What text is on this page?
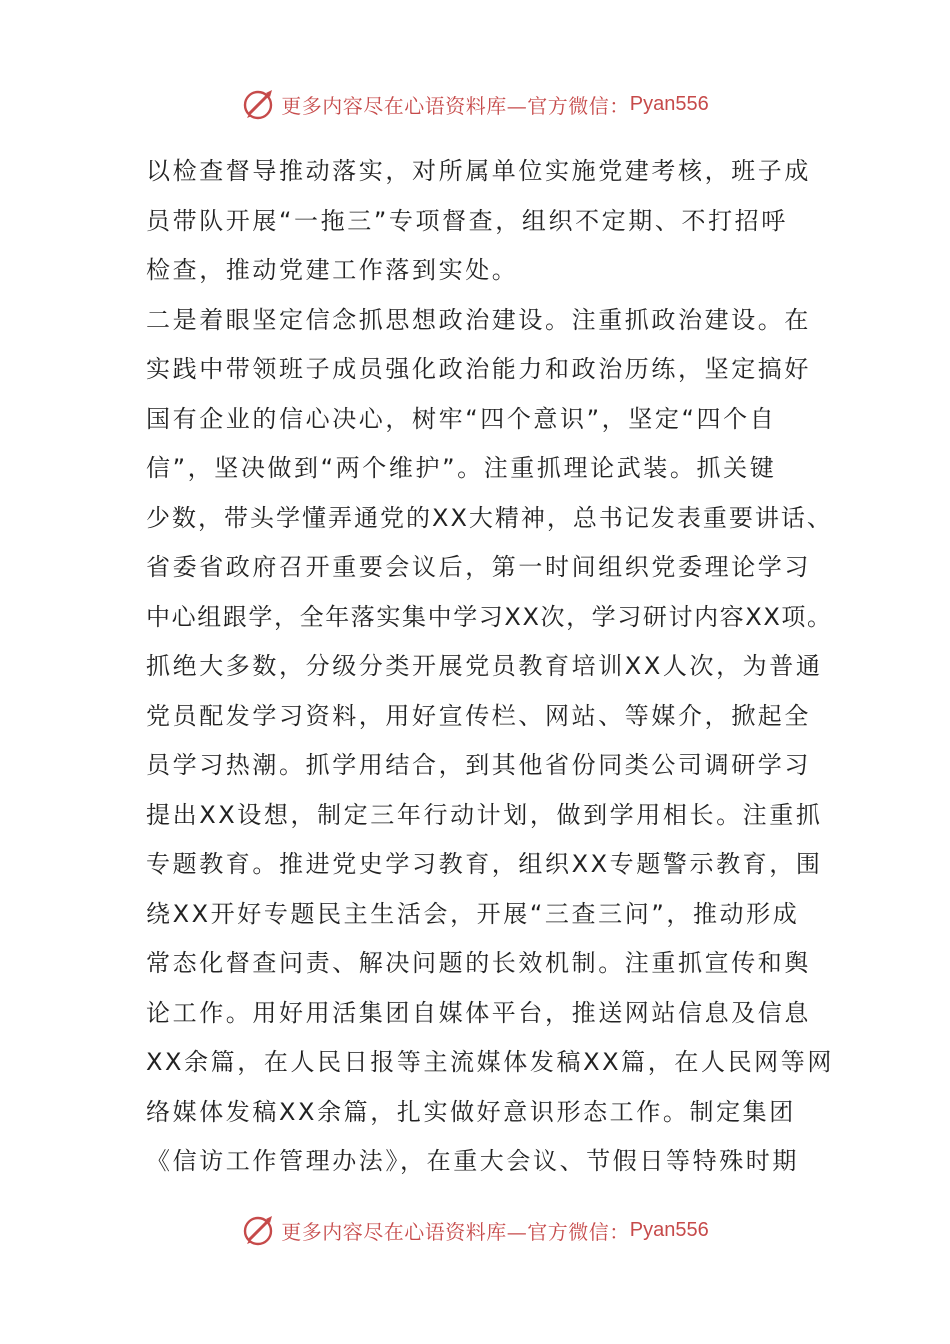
更多内容尽在心语资料库—官方微信： Pyan556
以检查督导推动落实，对所属单位实施党建考核，班子成
员带队开展“一拖三”专项督查，组织不定期、不打招呼
检查，推动党建工作落到实处。
二是着眼坚定信念抓思想政治建设。注重抓政治建设。在
实践中带领班子成员强化政治能力和政治历练，坚定搞好
国有企业的信心决心，树牢“四个意识”，坚定“四个自
信”，坚决做到“两个维护”。注重抓理论武装。抓关键
少数，带头学懂弄通党的XX大精神，总书记发表重要讲话、
省委省政府召开重要会议后，第一时间组织党委理论学习
中心组跟学，全年落实集中学习XX次，学习研讨内容XX项。
抓绝大多数，分级分类开展党员教育培训XX人次，为普通
党员配发学习资料，用好宣传栏、网站、等媒介，掀起全
员学习热潮。抓学用结合，到其他省份同类公司调研学习
提出XX设想，制定三年行动计划，做到学用相长。注重抓
专题教育。推进党史学习教育，组织XX专题警示教育，围
绕XX开好专题民主生活会，开展“三查三问”，推动形成
常态化督查问责、解决问题的长效机制。注重抓宣传和舆
论工作。用好用活集团自媒体平台，推送网站信息及信息
XX余篇，在人民日报等主流媒体发稿XX篇，在人民网等网
络媒体发稿XX余篇，扎实做好意识形态工作。制定集团
《信访工作管理办法》，在重大会议、节假日等特殊时期
更多内容尽在心语资料库—官方微信： Pyan556
